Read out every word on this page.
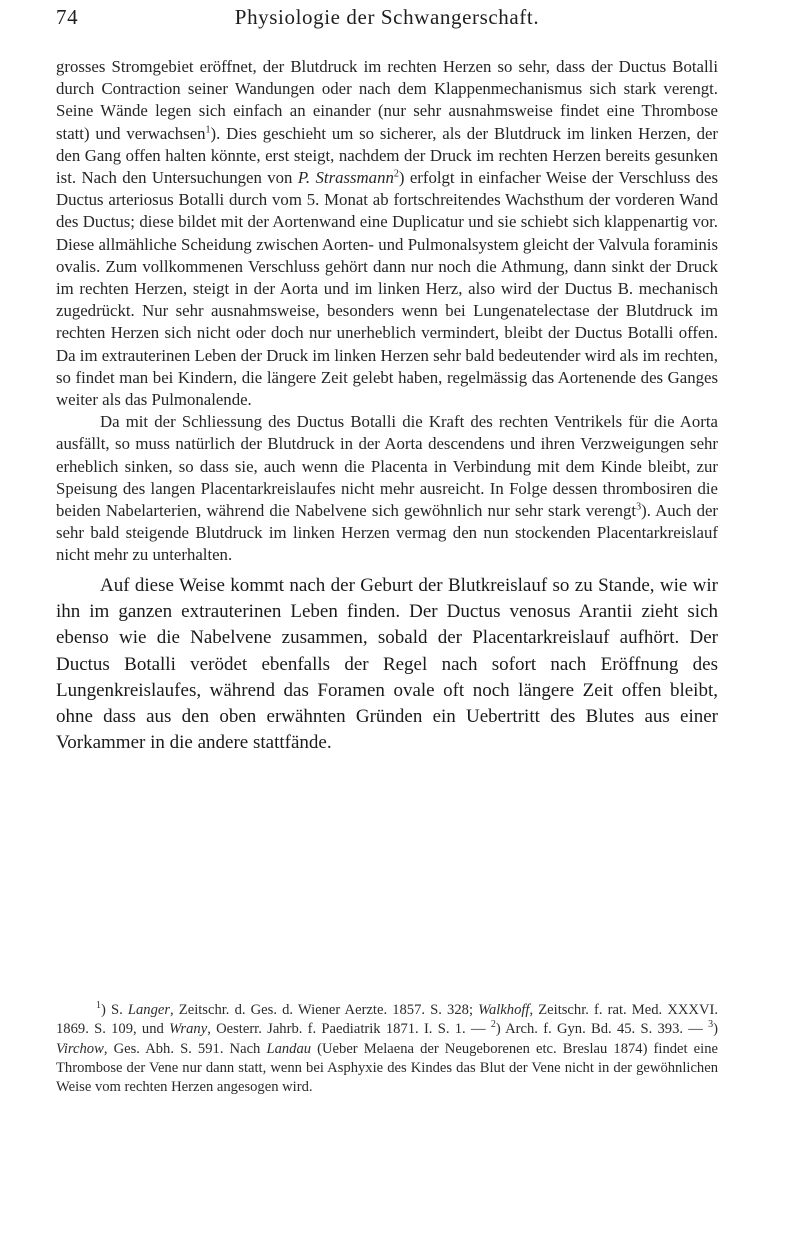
74	Physiologie der Schwangerschaft.

grosses Stromgebiet eröffnet, der Blutdruck im rechten Herzen so sehr, dass der Ductus Botalli durch Contraction seiner Wandungen oder nach dem Klappenmechanismus sich stark verengt. Seine Wände legen sich einfach an einander (nur sehr ausnahmsweise findet eine Thrombose statt) und verwachsen$^1$). Dies geschieht um so sicherer, als der Blutdruck im linken Herzen, der den Gang offen halten könnte, erst steigt, nachdem der Druck im rechten Herzen bereits gesunken ist. Nach den Untersuchungen von P. Strassmann$^2$) erfolgt in einfacher Weise der Verschluss des Ductus arteriosus Botalli durch vom 5. Monat ab fortschreitendes Wachsthum der vorderen Wand des Ductus; diese bildet mit der Aortenwand eine Duplicatur und sie schiebt sich klappenartig vor. Diese allmähliche Scheidung zwischen Aorten- und Pulmonalsystem gleicht der Valvula foraminis ovalis. Zum vollkommenen Verschluss gehört dann nur noch die Athmung, dann sinkt der Druck im rechten Herzen, steigt in der Aorta und im linken Herz, also wird der Ductus B. mechanisch zugedrückt. Nur sehr ausnahmsweise, besonders wenn bei Lungenatelectase der Blutdruck im rechten Herzen sich nicht oder doch nur unerheblich vermindert, bleibt der Ductus Botalli offen. Da im extrauterinen Leben der Druck im linken Herzen sehr bald bedeutender wird als im rechten, so findet man bei Kindern, die längere Zeit gelebt haben, regelmässig das Aortenende des Ganges weiter als das Pulmonalende.

Da mit der Schliessung des Ductus Botalli die Kraft des rechten Ventrikels für die Aorta ausfällt, so muss natürlich der Blutdruck in der Aorta descendens und ihren Verzweigungen sehr erheblich sinken, so dass sie, auch wenn die Placenta in Verbindung mit dem Kinde bleibt, zur Speisung des langen Placentarkreislaufes nicht mehr ausreicht. In Folge dessen thrombosiren die beiden Nabelarterien, während die Nabelvene sich gewöhnlich nur sehr stark verengt$^3$). Auch der sehr bald steigende Blutdruck im linken Herzen vermag den nun stockenden Placentarkreislauf nicht mehr zu unterhalten.

Auf diese Weise kommt nach der Geburt der Blutkreislauf so zu Stande, wie wir ihn im ganzen extrauterinen Leben finden. Der Ductus venosus Arantii zieht sich ebenso wie die Nabelvene zusammen, sobald der Placentarkreislauf aufhört. Der Ductus Botalli verödet ebenfalls der Regel nach sofort nach Eröffnung des Lungenkreislaufes, während das Foramen ovale oft noch längere Zeit offen bleibt, ohne dass aus den oben erwähnten Gründen ein Uebertritt des Blutes aus einer Vorkammer in die andere stattfände.

$^1$) S. Langer, Zeitschr. d. Ges. d. Wiener Aerzte. 1857. S. 328; Walkhoff, Zeitschr. f. rat. Med. XXXVI. 1869. S. 109, und Wrany, Oesterr. Jahrb. f. Paediatrik 1871. I. S. 1. — $^2$) Arch. f. Gyn. Bd. 45. S. 393. — $^3$) Virchow, Ges. Abh. S. 591. Nach Landau (Ueber Melaena der Neugeborenen etc. Breslau 1874) findet eine Thrombose der Vene nur dann statt, wenn bei Asphyxie des Kindes das Blut der Vene nicht in der gewöhnlichen Weise vom rechten Herzen angesogen wird.
